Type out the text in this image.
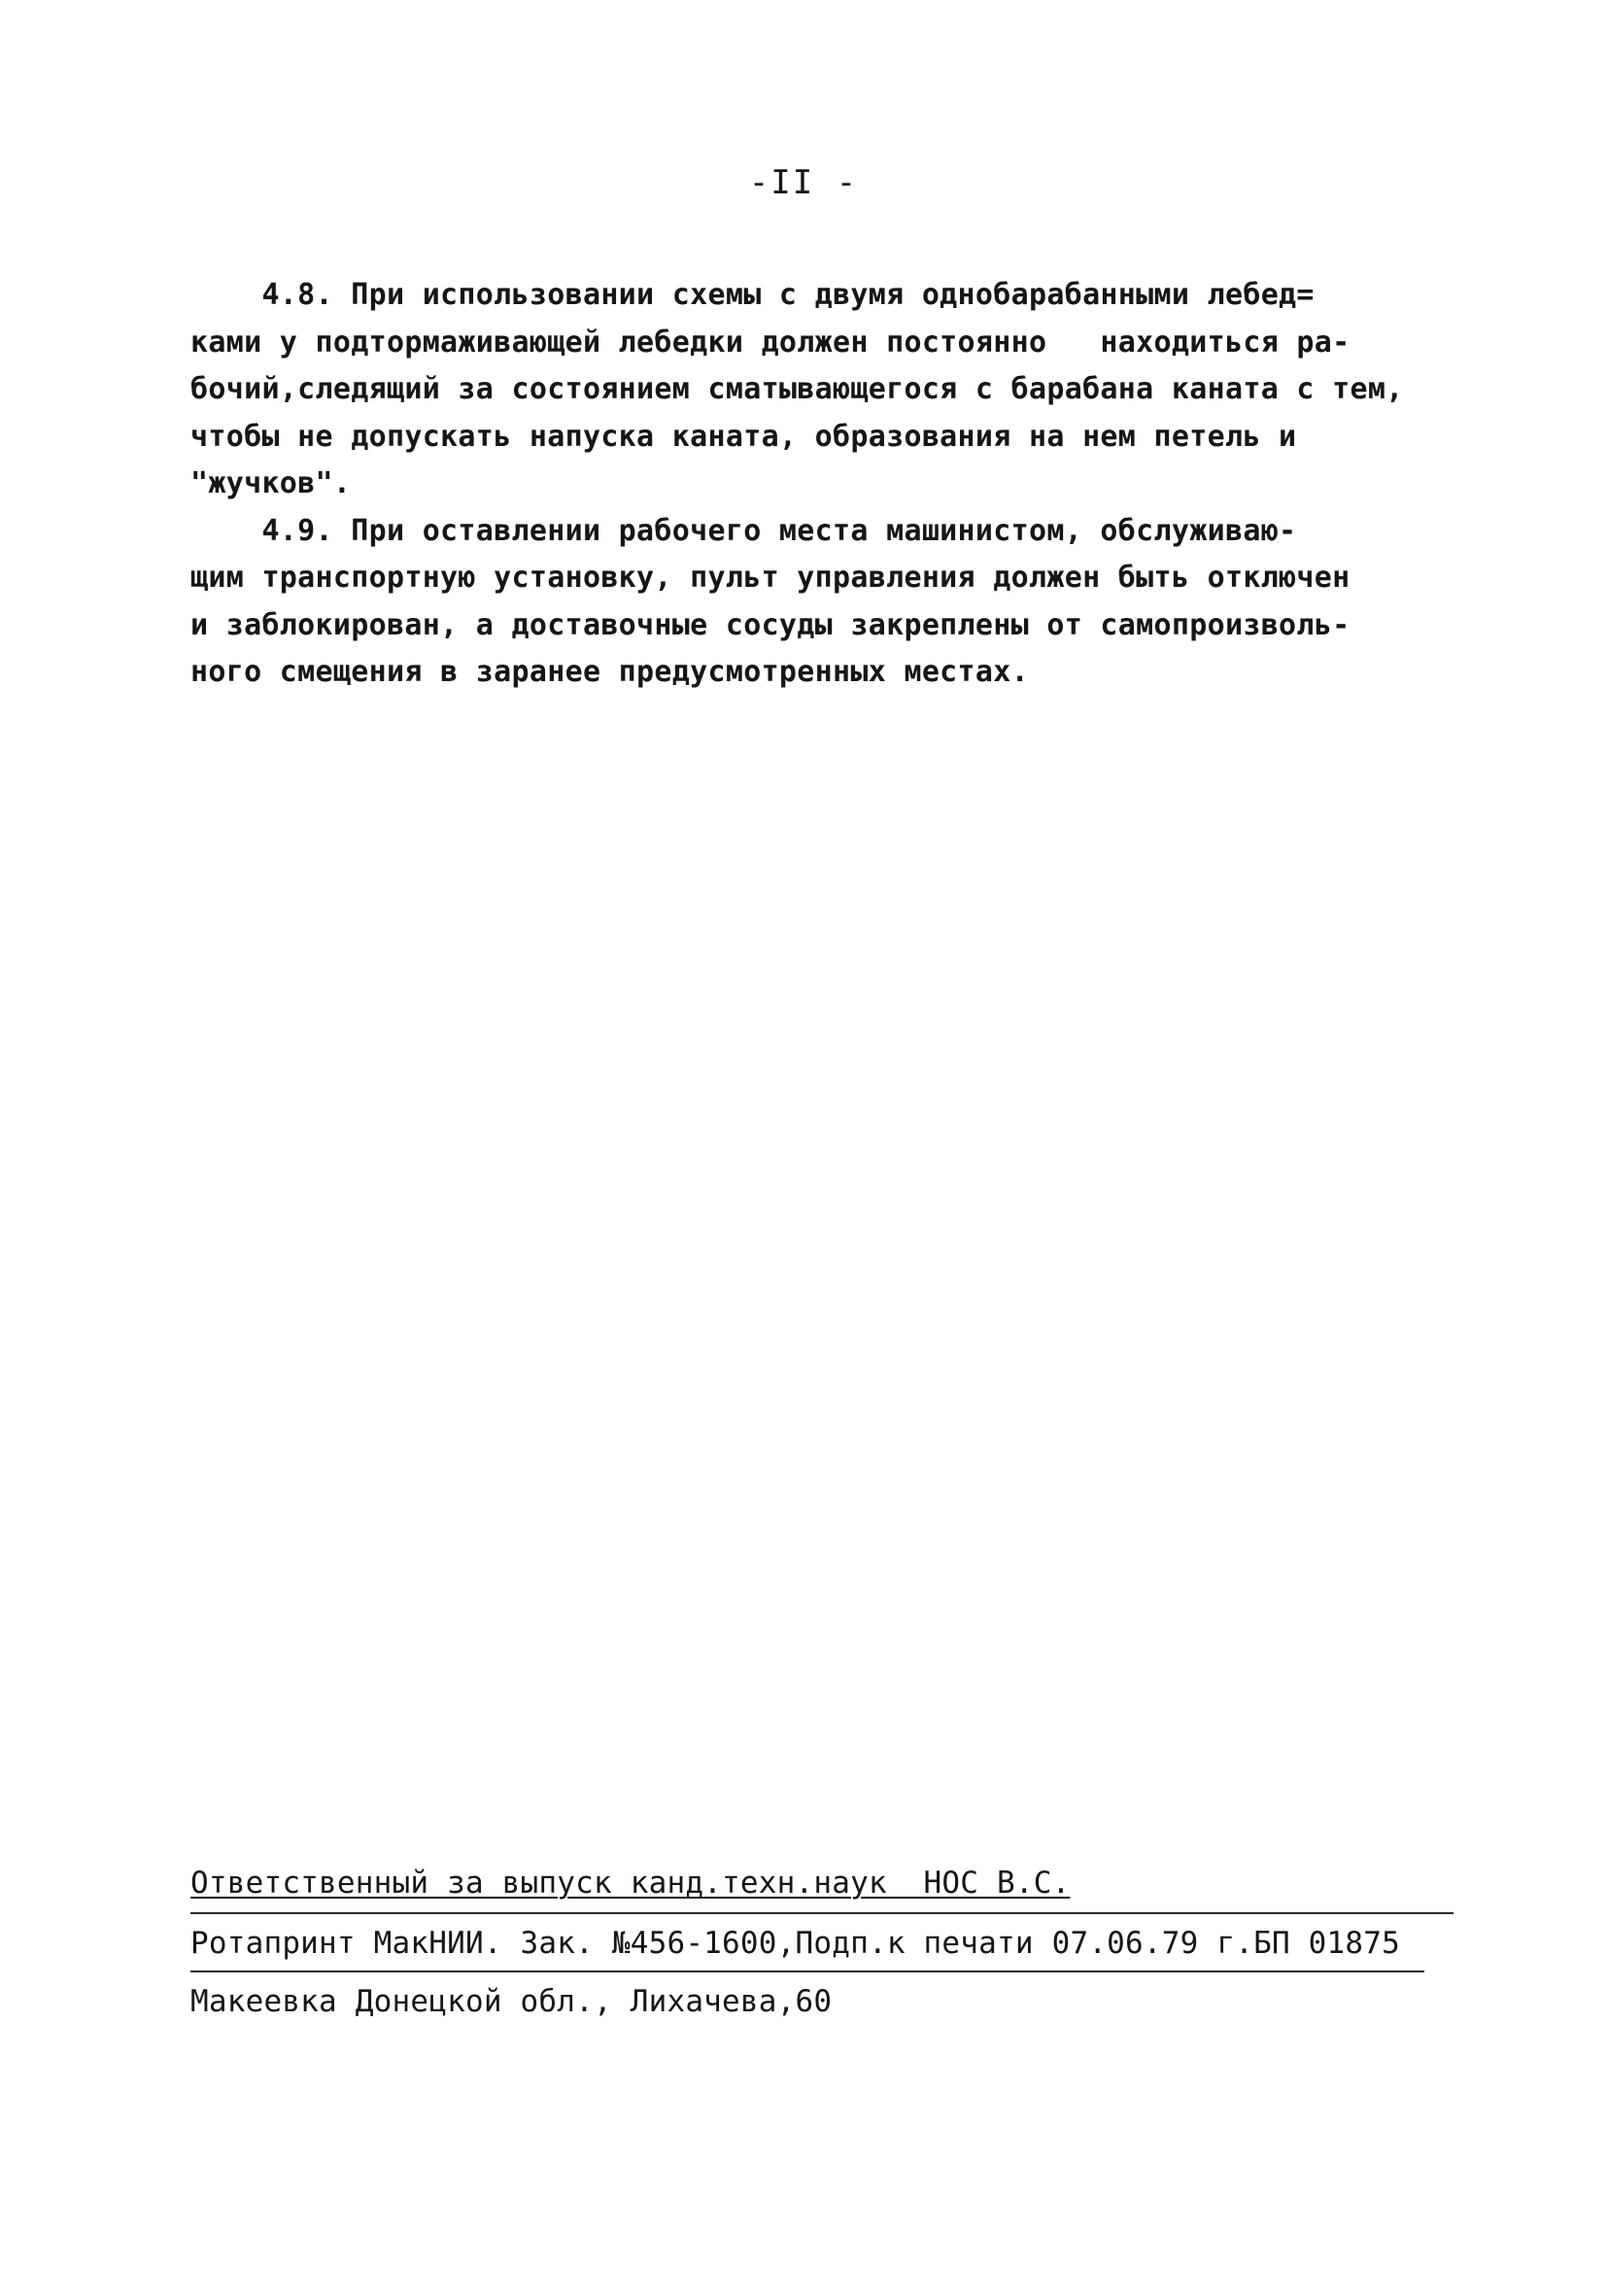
-II -
4.8. При использовании схемы с двумя однобарабанными лебед=
ками у подтормаживающей лебедки должен постоянно   находиться ра-
бочий,следящий за состоянием сматывающегося с барабана каната с тем,
чтобы не допускать напуска каната, образования на нем петель и
"жучков".
4.9. При оставлении рабочего места машинистом, обслуживаю-
щим транспортную установку, пульт управления должен быть отключен
и заблокирован, а доставочные сосуды закреплены от самопроизволь-
ного смещения в заранее предусмотренных местах.
Ответственный за выпуск канд.техн.наук  НОС В.С.
Ротапринт МакНИИ. Зак. №456-1600,Подп.к печати 07.06.79 г.БП 01875
Макеевка Донецкой обл., Лихачева,60
